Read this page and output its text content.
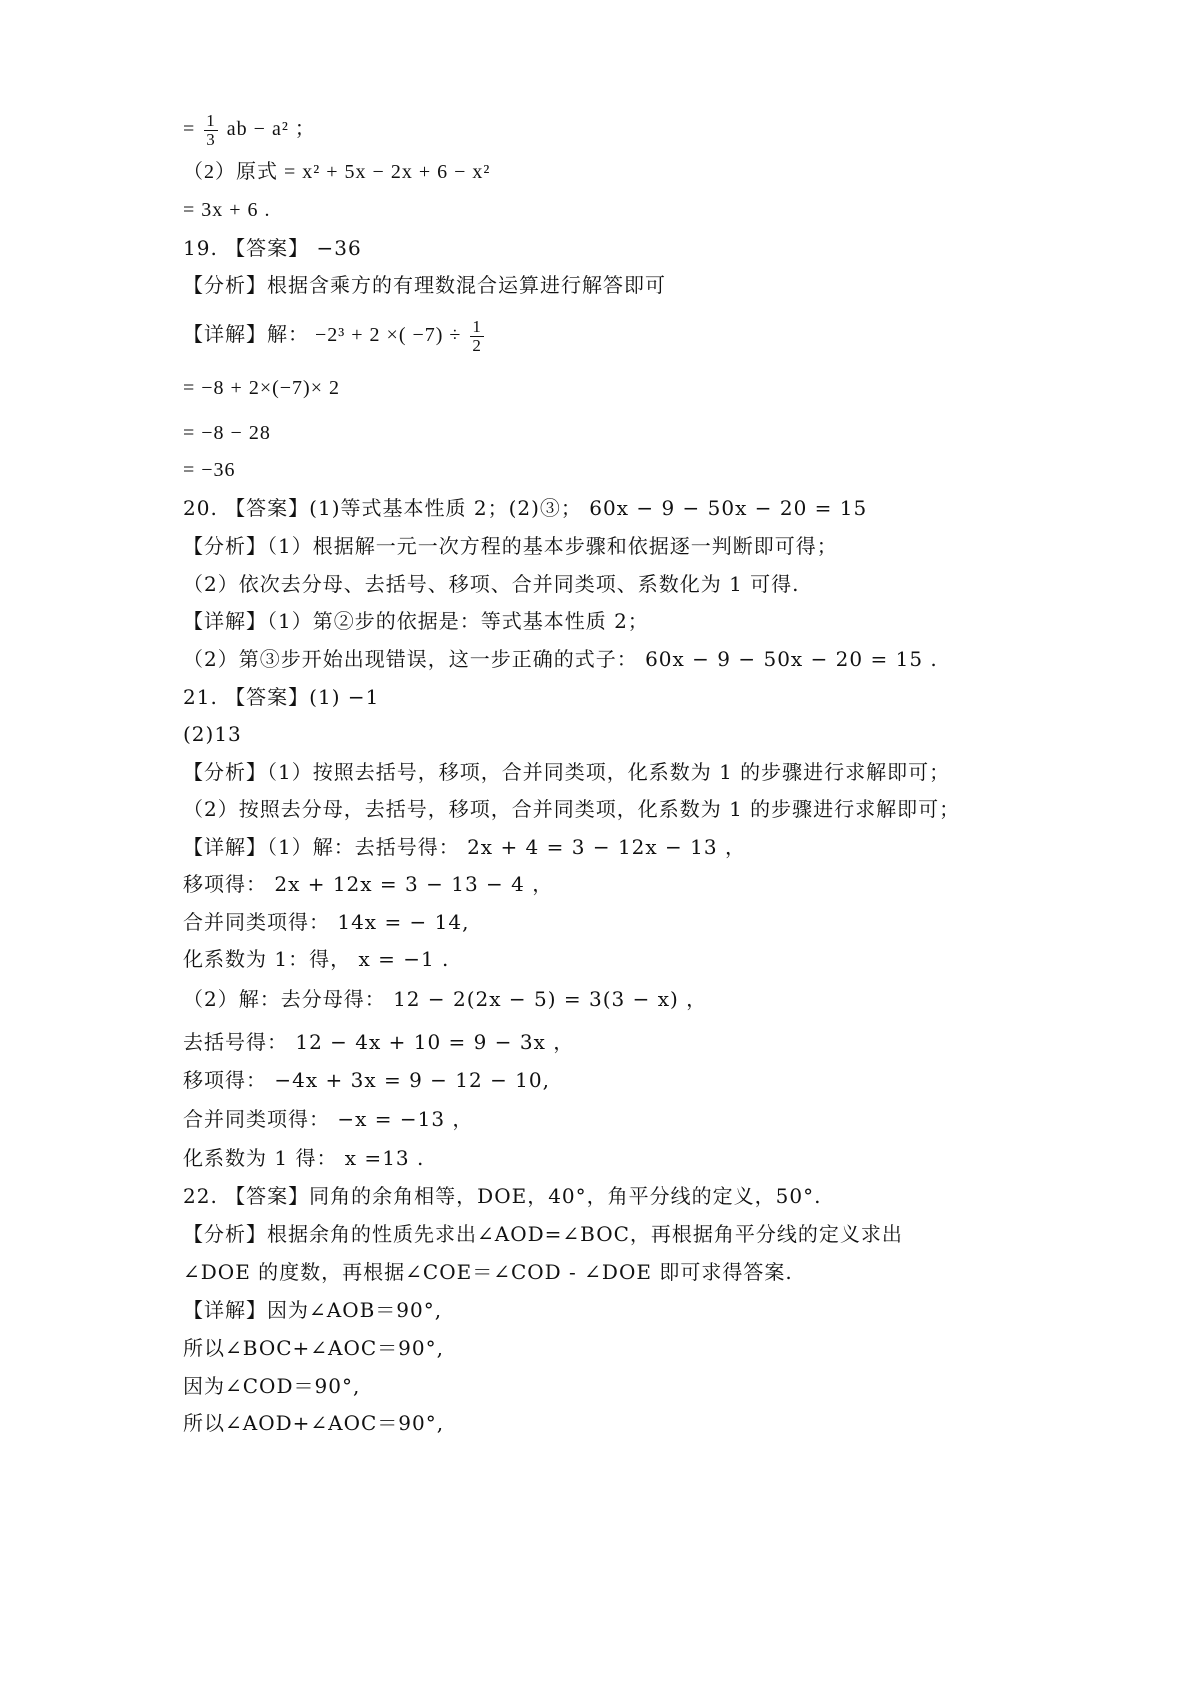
= $\frac{1}{3}$ ab − a² ；
（2）原式 = x² + 5x − 2x + 6 − x²
= 3x + 6 .
19. 【答案】 −36
【分析】根据含乘方的有理数混合运算进行解答即可
【详解】解： −2³ + 2 ×( $-7) \div \frac{1}{2}$
= −8 + 2×(−7)× 2
= −8 − 28
= −36
20. 【答案】(1)等式基本性质 2；(2)③； 60x − 9 − 50x − 20 = 15
【分析】（1）根据解一元一次方程的基本步骤和依据逐一判断即可得；
（2）依次去分母、去括号、移项、合并同类项、系数化为 1 可得.
【详解】（1）第②步的依据是：等式基本性质 2；
（2）第③步开始出现错误，这一步正确的式子： 60x − 9 − 50x − 20 = 15 .
21. 【答案】(1) −1
(2)13
【分析】（1）按照去括号，移项，合并同类项，化系数为 1 的步骤进行求解即可；
（2）按照去分母，去括号，移项，合并同类项，化系数为 1 的步骤进行求解即可；
【详解】（1）解：去括号得： 2x + 4 = 3 − 12x − 13 ，
移项得： 2x + 12x = 3 − 13 − 4 ，
合并同类项得： 14x = − 14,
化系数为 1：得， x = −1 .
（2）解：去分母得： 12 − 2(2x − 5) = 3(3 − x) ，
去括号得： 12 − 4x + 10 = 9 − 3x ，
移项得： −4x + 3x = 9 − 12 − 10,
合并同类项得： −x = −13 ，
化系数为 1 得： x =13 .
22. 【答案】同角的余角相等，DOE，40°，角平分线的定义，50°.
【分析】根据余角的性质先求出∠AOD=∠BOC，再根据角平分线的定义求出
∠DOE 的度数，再根据∠COE＝∠COD - ∠DOE 即可求得答案.
【详解】因为∠AOB＝90°,
所以∠BOC+∠AOC＝90°,
因为∠COD＝90°,
所以∠AOD+∠AOC＝90°,
